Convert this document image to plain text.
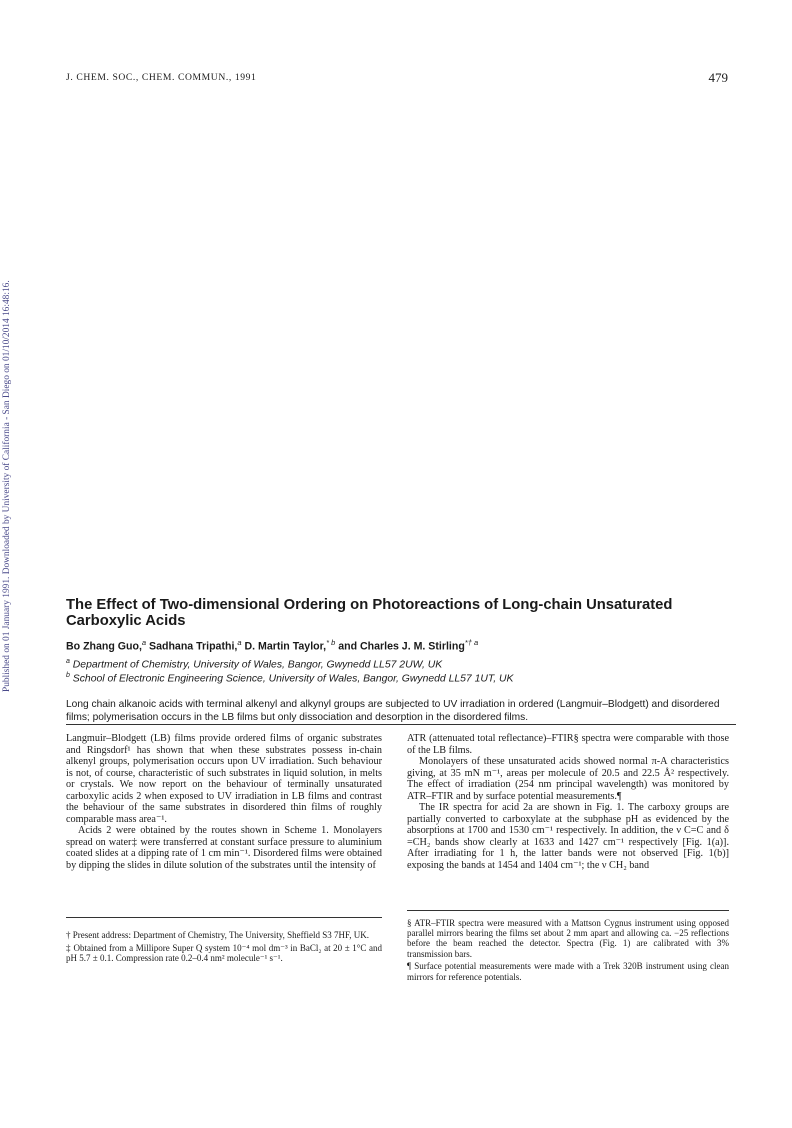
Published on 01 January 1991. Downloaded by University of California - San Diego on 01/10/2014 16:48:16.
J. CHEM. SOC., CHEM. COMMUN., 1991	479
The Effect of Two-dimensional Ordering on Photoreactions of Long-chain Unsaturated Carboxylic Acids
Bo Zhang Guo,$^a$ Sadhana Tripathi,$^a$ D. Martin Taylor,$^{* b}$ and Charles J. M. Stirling$^{*\dagger a}$
$^a$ Department of Chemistry, University of Wales, Bangor, Gwynedd LL57 2UW, UK
$^b$ School of Electronic Engineering Science, University of Wales, Bangor, Gwynedd LL57 1UT, UK

Long chain alkanoic acids with terminal alkenyl and alkynyl groups are subjected to UV irradiation in ordered (Langmuir–Blodgett) and disordered films; polymerisation occurs in the LB films but only dissociation and desorption in the disordered films.

Langmuir–Blodgett (LB) films provide ordered films of organic substrates and Ringsdorf¹ has shown that when these substrates possess in-chain alkenyl groups, polymerisation occurs upon UV irradiation. Such behaviour is not, of course, characteristic of such substrates in liquid solution, in melts or crystals. We now report on the behaviour of terminally unsaturated carboxylic acids 2 when exposed to UV irradiation in LB films and contrast the behaviour of the same substrates in disordered thin films of roughly comparable mass area⁻¹.

Acids 2 were obtained by the routes shown in Scheme 1. Monolayers spread on water‡ were transferred at constant surface pressure to aluminium coated slides at a dipping rate of 1 cm min⁻¹. Disordered films were obtained by dipping the slides in dilute solution of the substrates until the intensity of

ATR (attenuated total reflectance)–FTIR§ spectra were comparable with those of the LB films.

Monolayers of these unsaturated acids showed normal π-A characteristics giving, at 35 mN m⁻¹, areas per molecule of 20.5 and 22.5 Å² respectively. The effect of irradiation (254 nm principal wavelength) was monitored by ATR–FTIR and by surface potential measurements.¶

The IR spectra for acid 2a are shown in Fig. 1. The carboxy groups are partially converted to carboxylate at the subphase pH as evidenced by the absorptions at 1700 and 1530 cm⁻¹ respectively. In addition, the ν C=C and δ =CH₂ bands show clearly at 1633 and 1427 cm⁻¹ respectively [Fig. 1(a)]. After irradiating for 1 h, the latter bands were not observed [Fig. 1(b)] exposing the bands at 1454 and 1404 cm⁻¹; the ν CH₂ band

† Present address: Department of Chemistry, The University, Sheffield S3 7HF, UK.

‡ Obtained from a Millipore Super Q system 10⁻⁴ mol dm⁻³ in BaCl₂ at 20 ± 1°C and pH 5.7 ± 0.1. Compression rate 0.2–0.4 nm² molecule⁻¹ s⁻¹.

§ ATR–FTIR spectra were measured with a Mattson Cygnus instrument using opposed parallel mirrors bearing the films set about 2 mm apart and allowing ca. −25 reflections before the beam reached the detector. Spectra (Fig. 1) are calibrated with 3% transmission bars.

¶ Surface potential measurements were made with a Trek 320B instrument using clean mirrors for reference potentials.
